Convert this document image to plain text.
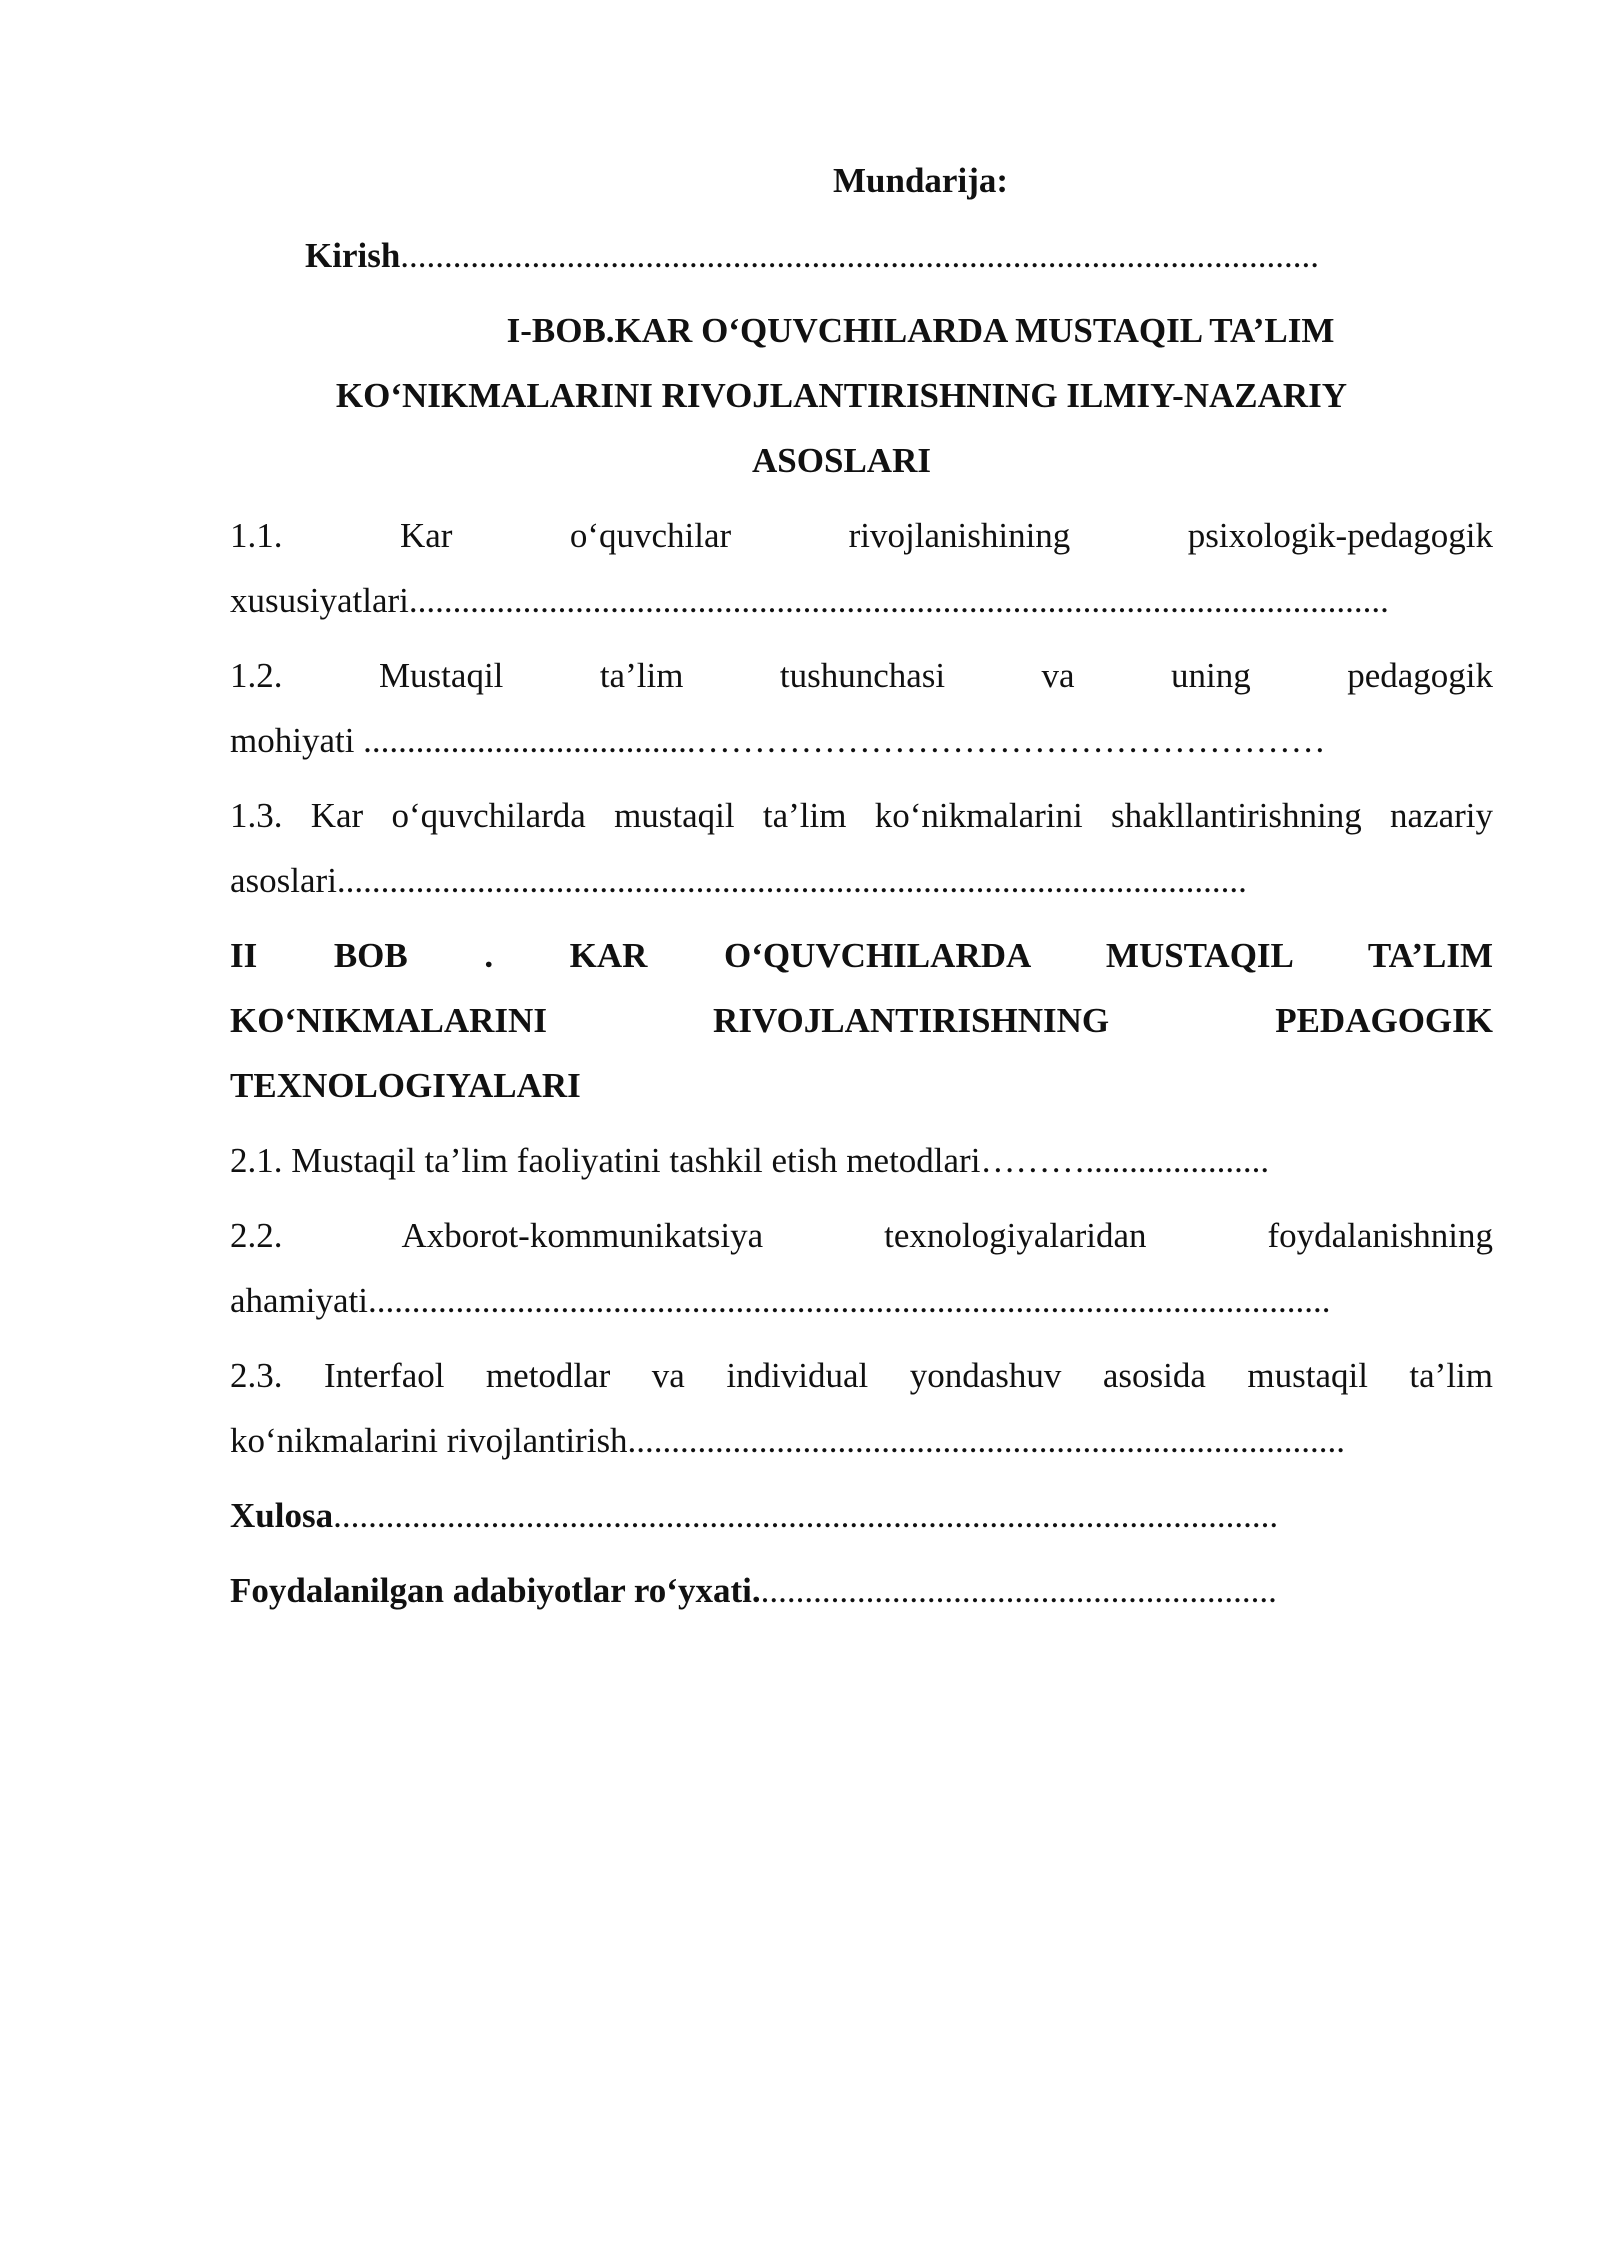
Mundarija:
Kirish.........................................................................................................
I-BOB.KAR O‘QUVCHILARDA MUSTAQIL TA’LIM
KO‘NIKMALARINI RIVOJLANTIRISHNING ILMIY-NAZARIY
ASOSLARI
1.1. Kar o‘quvchilar rivojlanishining psixologik-pedagogik
xususiyatlari................................................................................................................
1.2. Mustaqil ta’lim tushunchasi va uning pedagogik
mohiyati ......................................………………………………………………
1.3. Kar o‘quvchilarda mustaqil ta’lim ko‘nikmalarini shakllantirishning nazariy
asoslari........................................................................................................
II BOB . KAR O‘QUVCHILARDA MUSTAQIL TA’LIM
KO‘NIKMALARINI RIVOJLANTIRISHNING PEDAGOGIK
TEXNOLOGIYALARI
2.1. Mustaqil ta’lim faoliyatini tashkil etish metodlari……….....................
2.2. Axborot-kommunikatsiya texnologiyalaridan foydalanishning
ahamiyati..............................................................................................................
2.3. Interfaol metodlar va individual yondashuv asosida mustaqil ta’lim
ko‘nikmalarini rivojlantirish..................................................................................
Xulosa............................................................................................................
Foydalanilgan adabiyotlar ro‘yxati............................................................
